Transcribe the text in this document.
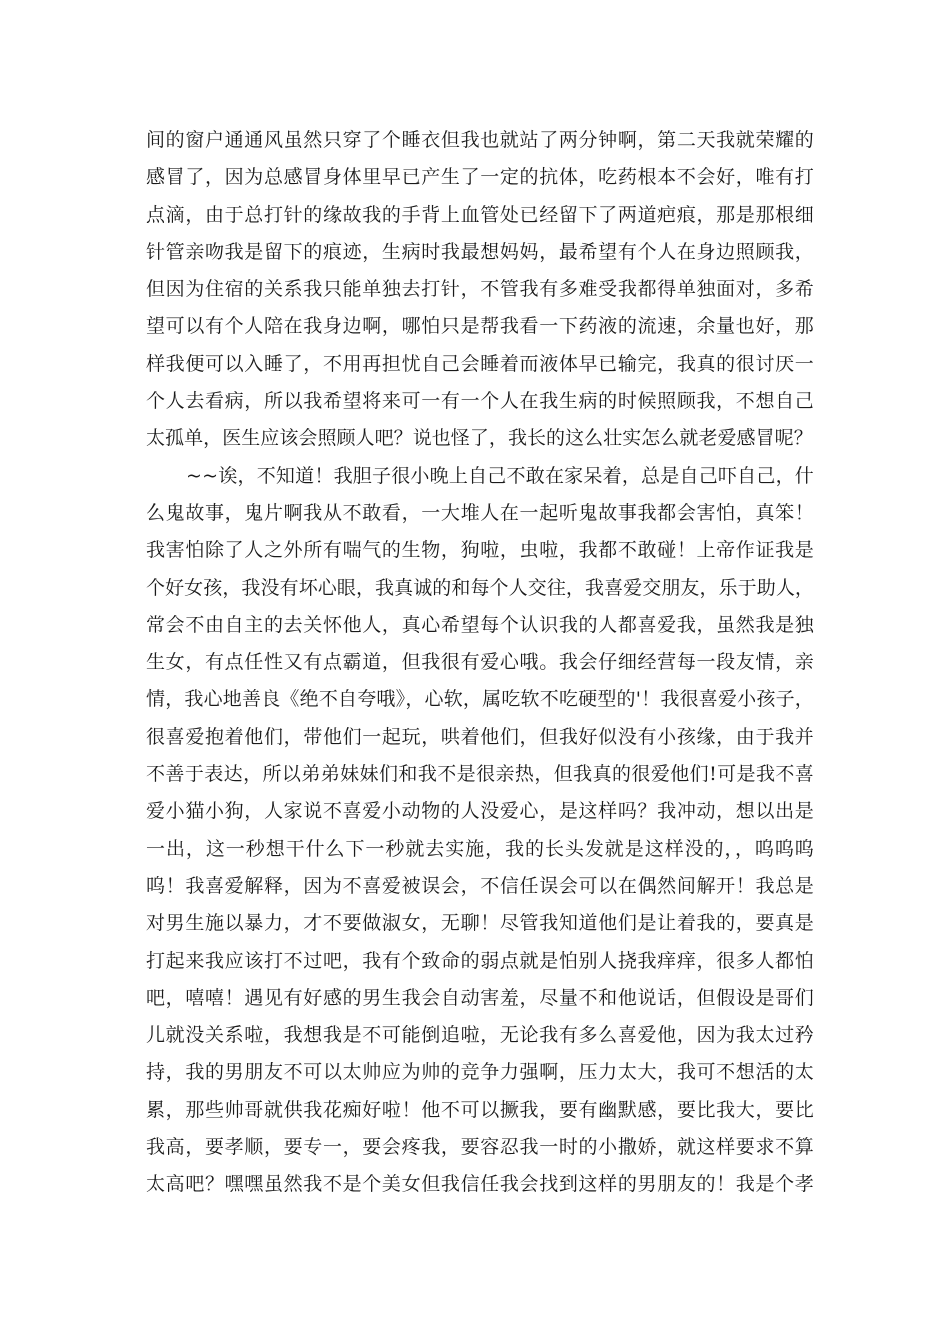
间的窗户通通风虽然只穿了个睡衣但我也就站了两分钟啊，第二天我就荣耀的
感冒了，因为总感冒身体里早已产生了一定的抗体，吃药根本不会好，唯有打
点滴，由于总打针的缘故我的手背上血管处已经留下了两道疤痕，那是那根细
针管亲吻我是留下的痕迹，生病时我最想妈妈，最希望有个人在身边照顾我，
但因为住宿的关系我只能单独去打针，不管我有多难受我都得单独面对，多希
望可以有个人陪在我身边啊，哪怕只是帮我看一下药液的流速，余量也好，那
样我便可以入睡了，不用再担忧自己会睡着而液体早已输完，我真的很讨厌一
个人去看病，所以我希望将来可一有一个人在我生病的时候照顾我，不想自己
太孤单，医生应该会照顾人吧？说也怪了，我长的这么壮实怎么就老爱感冒呢？
~~诶，不知道！我胆子很小晚上自己不敢在家呆着，总是自己吓自己，什
么鬼故事，鬼片啊我从不敢看，一大堆人在一起听鬼故事我都会害怕，真笨！
我害怕除了人之外所有喘气的生物，狗啦，虫啦，我都不敢碰！上帝作证我是
个好女孩，我没有坏心眼，我真诚的和每个人交往，我喜爱交朋友，乐于助人，
常会不由自主的去关怀他人，真心希望每个认识我的人都喜爱我，虽然我是独
生女，有点任性又有点霸道，但我很有爱心哦。我会仔细经营每一段友情，亲
情，我心地善良《绝不自夸哦》，心软，属吃软不吃硬型的'！我很喜爱小孩子，
很喜爱抱着他们，带他们一起玩，哄着他们，但我好似没有小孩缘，由于我并
不善于表达，所以弟弟妹妹们和我不是很亲热，但我真的很爱他们!可是我不喜
爱小猫小狗，人家说不喜爱小动物的人没爱心，是这样吗？我冲动，想以出是
一出，这一秒想干什么下一秒就去实施，我的长头发就是这样没的，，呜呜呜
呜！我喜爱解释，因为不喜爱被误会，不信任误会可以在偶然间解开！我总是
对男生施以暴力，才不要做淑女，无聊！尽管我知道他们是让着我的，要真是
打起来我应该打不过吧，我有个致命的弱点就是怕别人挠我痒痒，很多人都怕
吧，嘻嘻！遇见有好感的男生我会自动害羞，尽量不和他说话，但假设是哥们
儿就没关系啦，我想我是不可能倒追啦，无论我有多么喜爱他，因为我太过矜
持，我的男朋友不可以太帅应为帅的竞争力强啊，压力太大，我可不想活的太
累，那些帅哥就供我花痴好啦！他不可以撅我，要有幽默感，要比我大，要比
我高，要孝顺，要专一，要会疼我，要容忍我一时的小撒娇，就这样要求不算
太高吧？嘿嘿虽然我不是个美女但我信任我会找到这样的男朋友的！我是个孝
